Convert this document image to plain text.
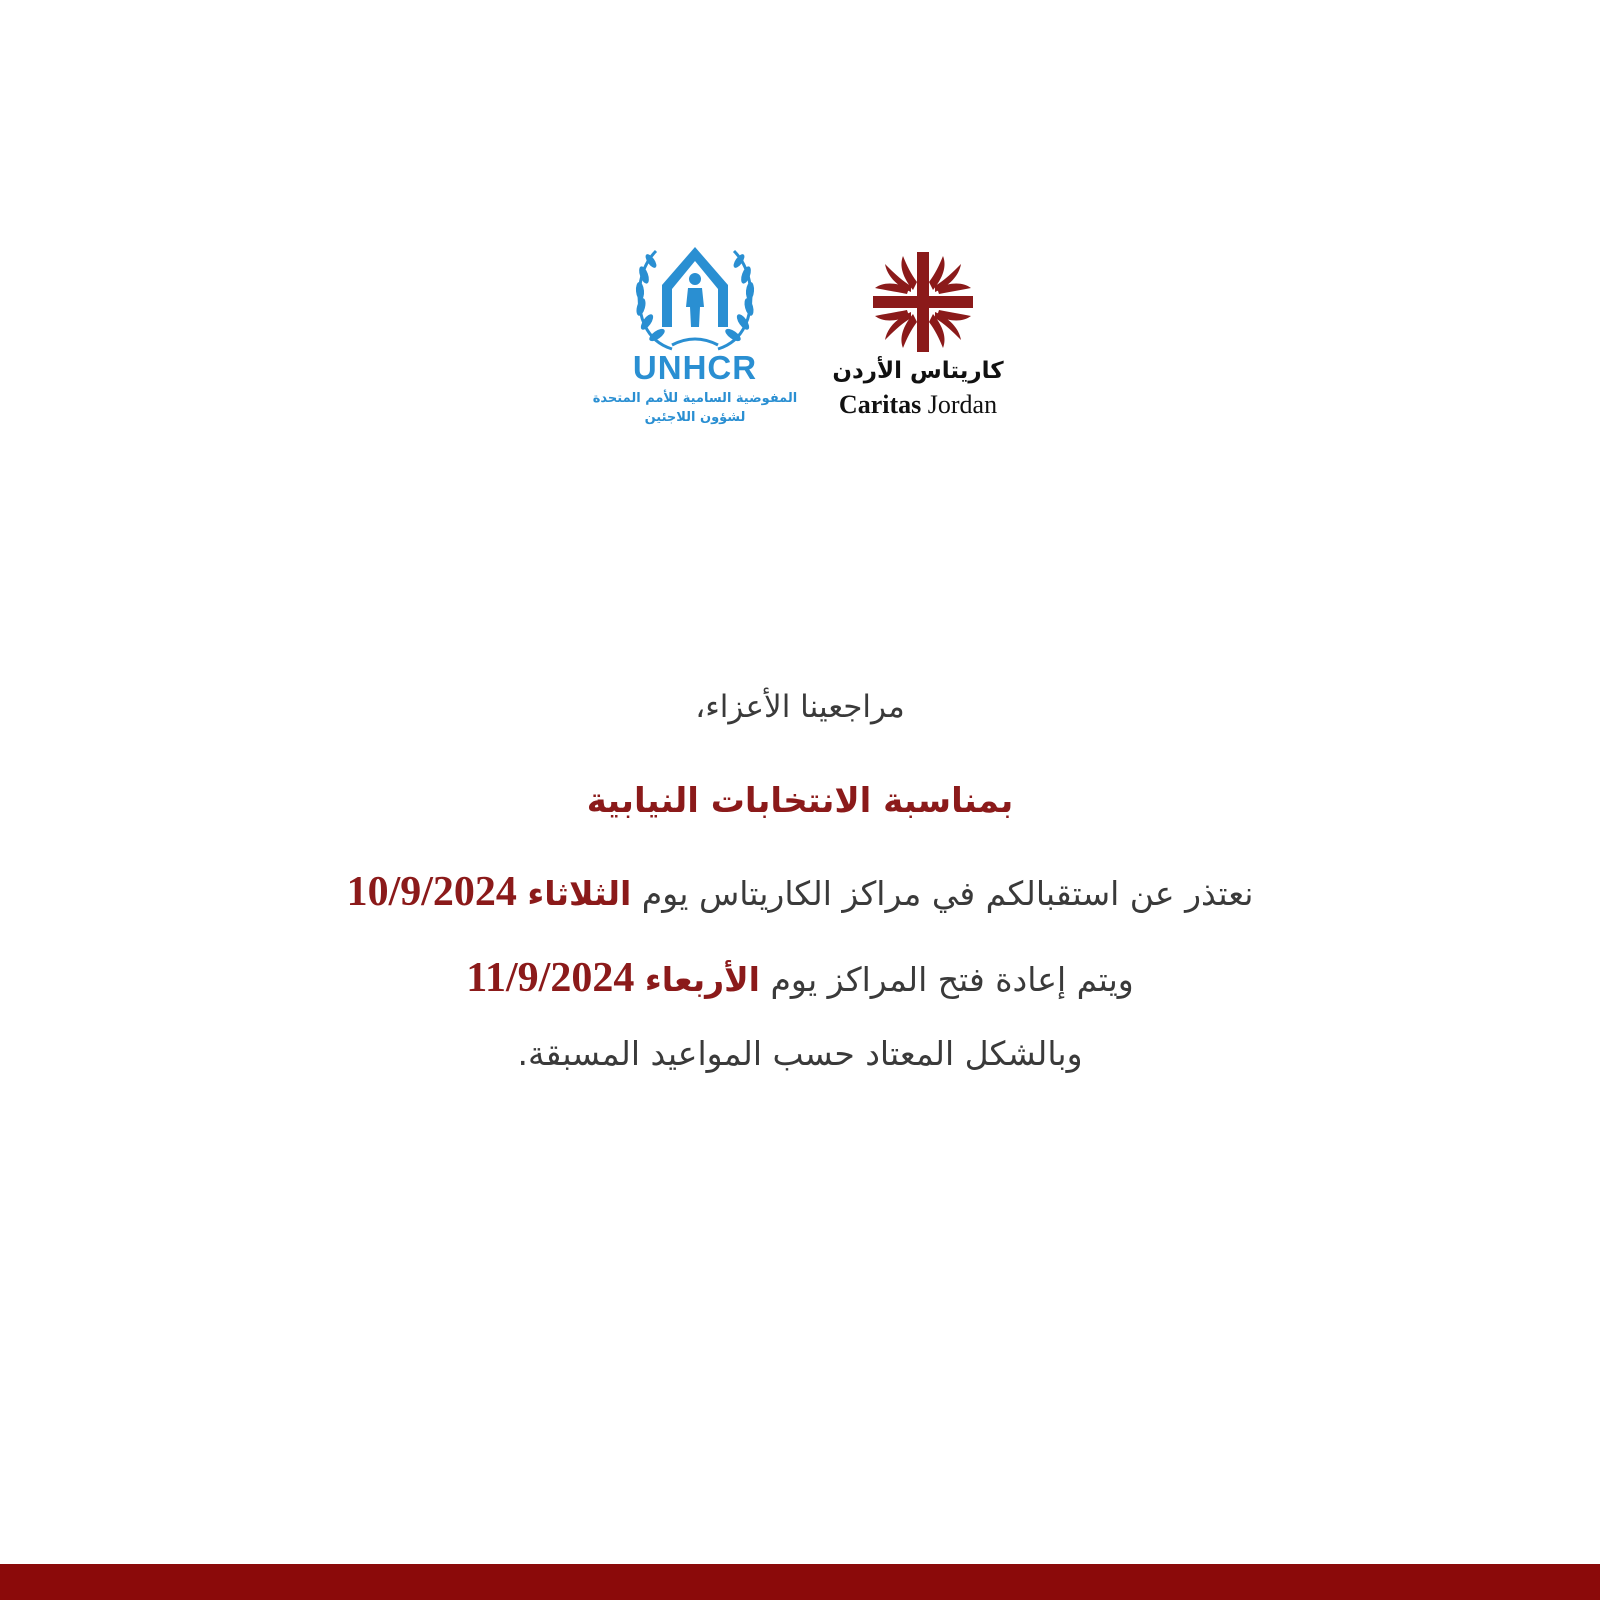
UNHCR
المفوضية السامية للأمم المتحدة
لشؤون اللاجئين
كاريتاس الأردن
Caritas Jordan

مراجعينا الأعزاء،

بمناسبة الانتخابات النيابية

نعتذر عن استقبالكم في مراكز الكاريتاس يوم الثلاثاء 10/9/2024

ويتم إعادة فتح المراكز يوم الأربعاء 11/9/2024

وبالشكل المعتاد حسب المواعيد المسبقة.
